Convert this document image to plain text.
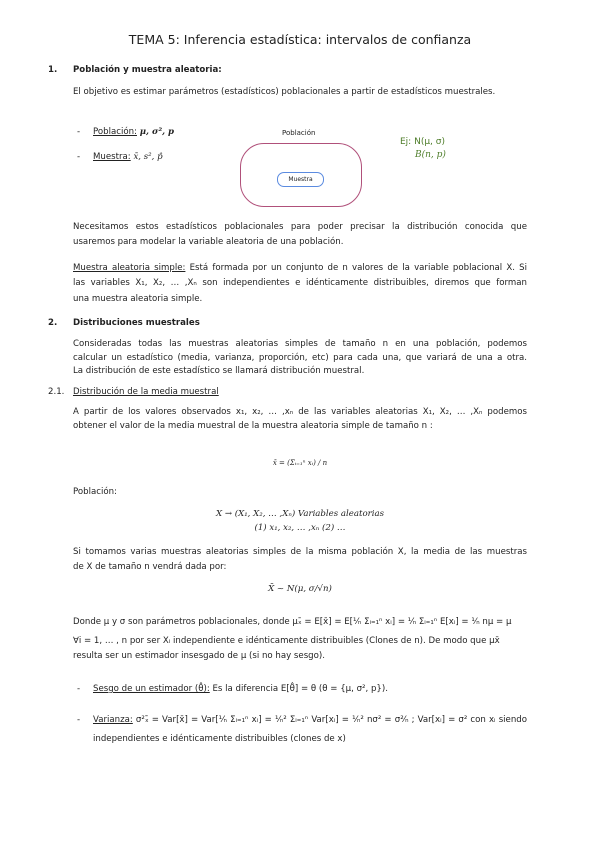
TEMA 5: Inferencia estadística: intervalos de confianza
1. Población y muestra aleatoria:
El objetivo es estimar parámetros (estadísticos) poblacionales a partir de estadísticos muestrales.
- Población: μ, σ², p
- Muestra: x̄, s², p̂
Población
Muestra
Ej: N(μ, σ)
B(n, p)
Necesitamos estos estadísticos poblacionales para poder precisar la distribución conocida que
usaremos para modelar la variable aleatoria de una población.
Muestra aleatoria simple: Está formada por un conjunto de n valores de la variable poblacional X. Si
las variables X₁, X₂, … ,Xₙ son independientes e idénticamente distribuibles, diremos que forman
una muestra aleatoria simple.
2. Distribuciones muestrales
Consideradas todas las muestras aleatorias simples de tamaño n en una población, podemos
calcular un estadístico (media, varianza, proporción, etc) para cada una, que variará de una a otra.
La distribución de este estadístico se llamará distribución muestral.
2.1. Distribución de la media muestral
A partir de los valores observados x₁, x₂, … ,xₙ de las variables aleatorias X₁, X₂, … ,Xₙ podemos
obtener el valor de la media muestral de la muestra aleatoria simple de tamaño n :
x̄ = (Σᵢ₌₁ⁿ xᵢ) / n
Población:
X → (X₁, X₂, … ,Xₙ) Variables aleatorias
(1) x₁, x₂, … ,xₙ (2) …
Si tomamos varias muestras aleatorias simples de la misma población X, la media de las muestras
de X de tamaño n vendrá dada por:
X̄ ~ N(μ, σ/√n)
Donde μ y σ son parámetros poblacionales, donde μₓ̄ = E[x̄] = E[¹⁄ₙ Σᵢ₌₁ⁿ xᵢ] = ¹⁄ₙ Σᵢ₌₁ⁿ E[xᵢ] = ¹⁄ₙ nμ = μ
∀i = 1, … , n por ser Xᵢ independiente e idénticamente distribuibles (Clones de n). De modo que μx̄
resulta ser un estimador insesgado de μ (si no hay sesgo).
- Sesgo de un estimador (θ̂): Es la diferencia E[θ̂] = θ (θ = {μ, σ², p}).
- Varianza: σ²ₓ̄ = Var[x̄] = Var[¹⁄ₙ Σᵢ₌₁ⁿ xᵢ] = ¹⁄ₙ² Σᵢ₌₁ⁿ Var[xᵢ] = ¹⁄ₙ² nσ² = σ²⁄ₙ ; Var[xᵢ] = σ² con xᵢ siendo
independientes e idénticamente distribuibles (clones de x)
